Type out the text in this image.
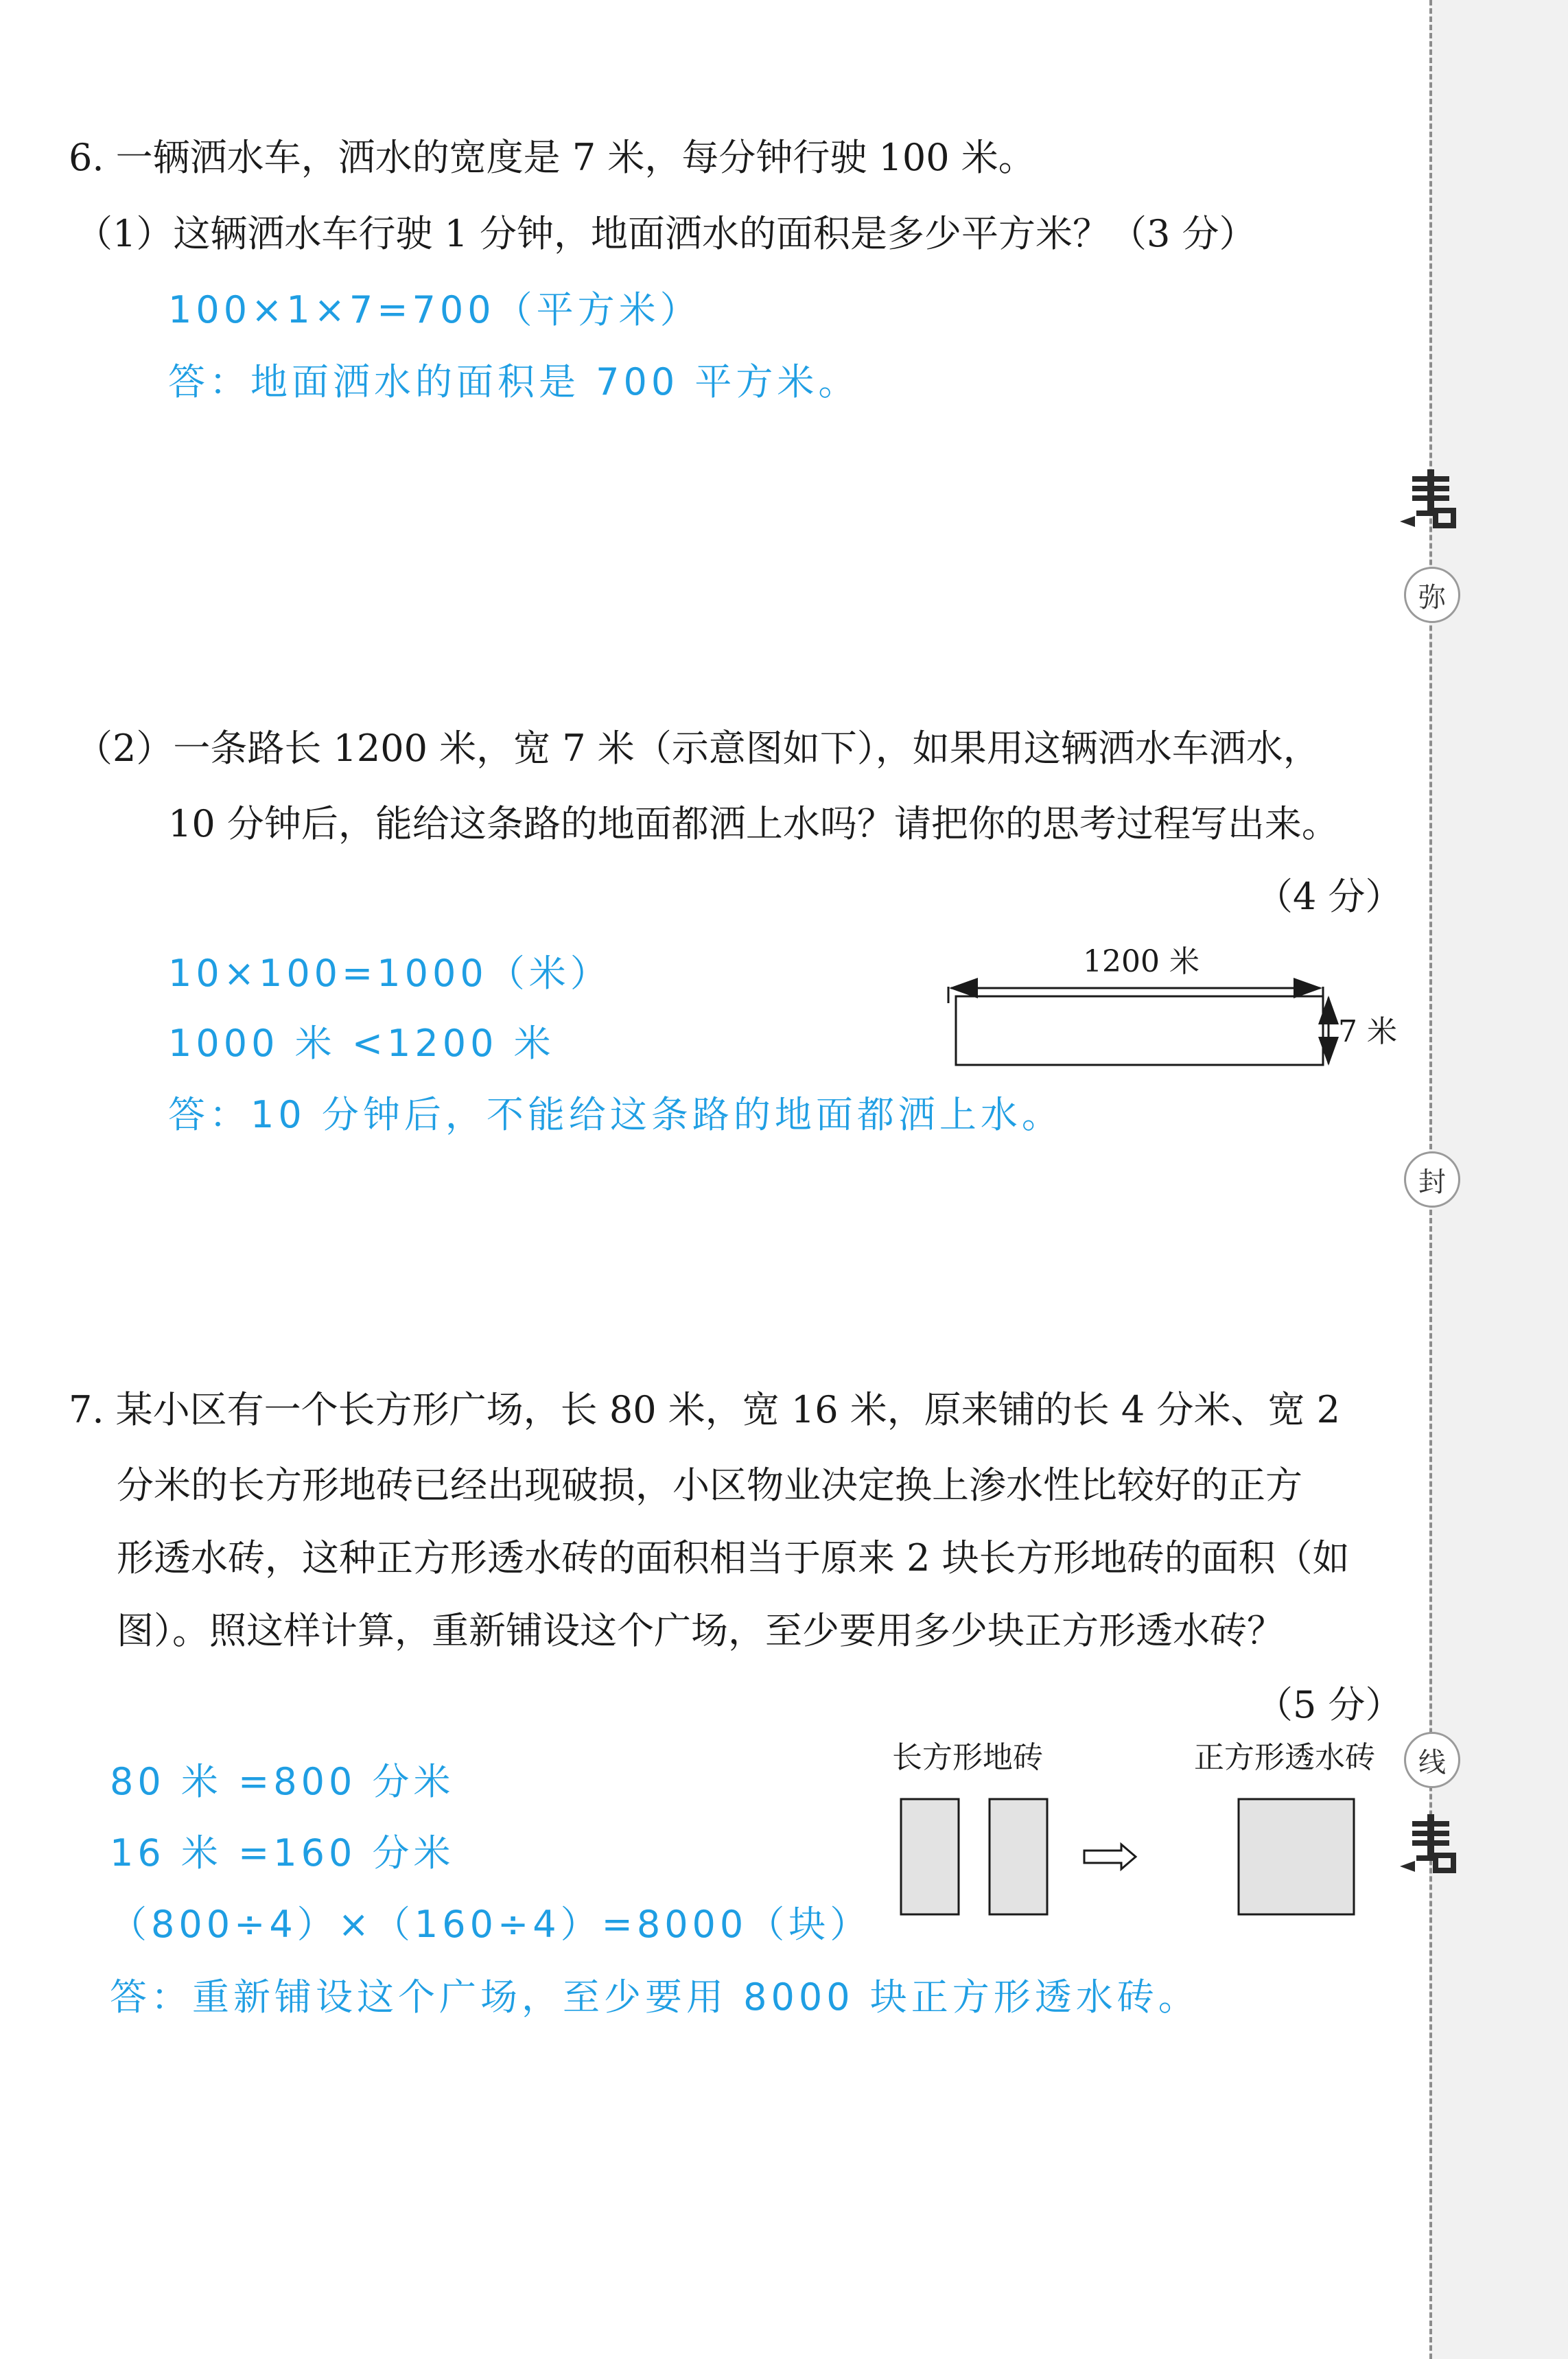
弥
封
线
6. 一辆洒水车，洒水的宽度是 7 米，每分钟行驶 100 米。
（1）这辆洒水车行驶 1 分钟，地面洒水的面积是多少平方米？（3 分）
100×1×7=700（平方米）
答：地面洒水的面积是 700 平方米。
（2）一条路长 1200 米，宽 7 米（示意图如下），如果用这辆洒水车洒水，
10 分钟后，能给这条路的地面都洒上水吗？请把你的思考过程写出来。
（4 分）
10×100=1000（米）
1000 米 <1200 米
答：10 分钟后，不能给这条路的地面都洒上水。
1200 米
7 米
7. 某小区有一个长方形广场，长 80 米，宽 16 米，原来铺的长 4 分米、宽 2
分米的长方形地砖已经出现破损，小区物业决定换上渗水性比较好的正方
形透水砖，这种正方形透水砖的面积相当于原来 2 块长方形地砖的面积（如
图）。照这样计算，重新铺设这个广场，至少要用多少块正方形透水砖？
（5 分）
80 米 =800 分米
16 米 =160 分米
（800÷4）×（160÷4）=8000（块）
答：重新铺设这个广场，至少要用 8000 块正方形透水砖。
长方形地砖	正方形透水砖
